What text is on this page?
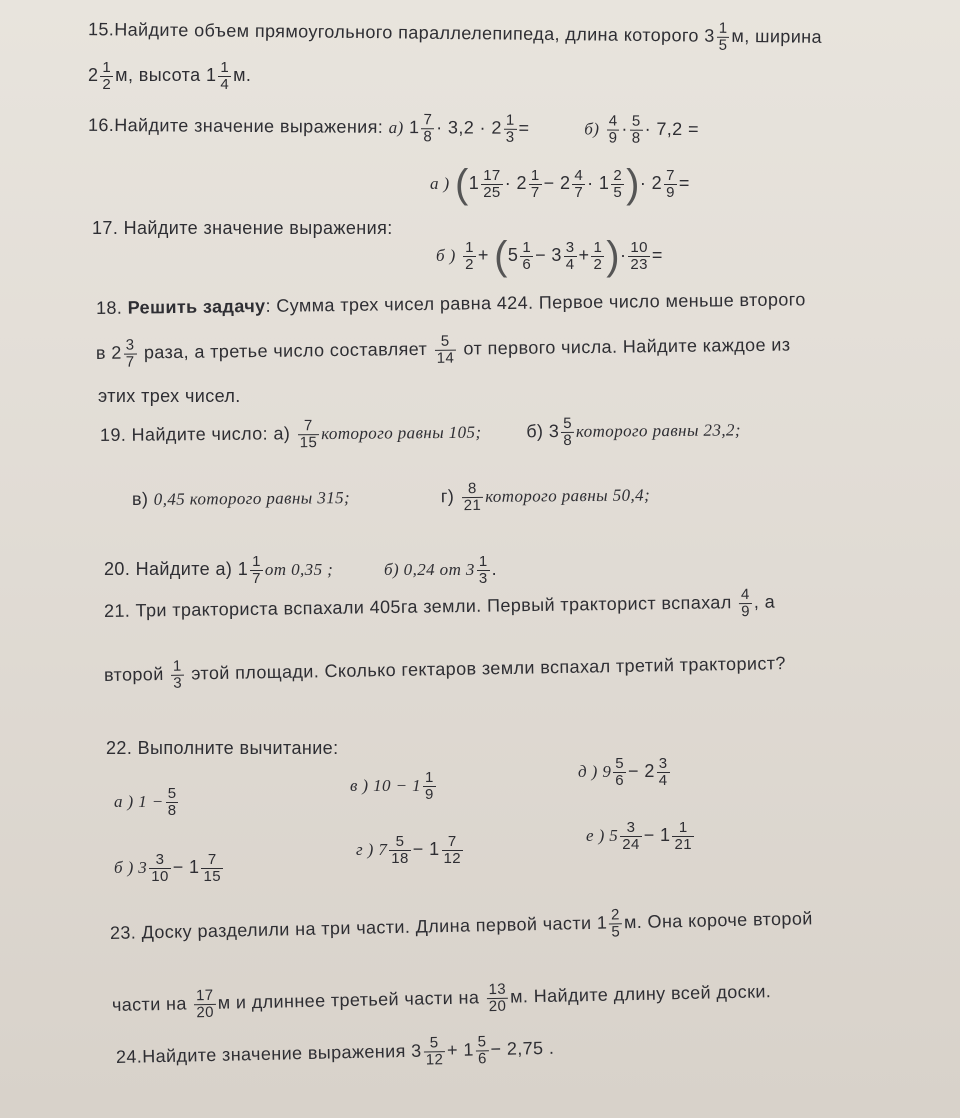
15.Найдите объем прямоугольного параллелепипеда, длина которого $3 \frac{1}{5} м$, ширина
$2 \frac{1}{2} м$, высота $1 \frac{1}{4} м$.
16.Найдите значение выражения: а) $1 \frac{7}{8} \cdot 3,2 \cdot 2 \frac{1}{3}$ =	$б) \frac{4}{9} \cdot \frac{5}{8} \cdot 7,2$ =
а ) ($1 \frac{17}{25} \cdot 2 \frac{1}{7} - 2 \frac{4}{7} \cdot 1 \frac{2}{5}$ )· $2 \frac{7}{9}$ =
17. Найдите значение выражения:
б ) $\frac{1}{2} + (5 \frac{1}{6} - 3 \frac{3}{4} + \frac{1}{2}$ )· $\frac{10}{23}$ =
18. Решить задачу: Сумма трех чисел равна 424. Первое число меньше второго
в $2 \frac{3}{7}$ раза, а третье число составляет $\frac{5}{14}$ от первого числа. Найдите каждое из
этих трех чисел.
19. Найдите число: $а) \frac{7}{15}$ которого равны 105; б) $3 \frac{5}{8}$ которого равны 23,2;
в) 0,45 которого равны 315;	$г) \frac{8}{21}$ которого равны 50,4;
20. Найдите а) $1 \frac{1}{7}$ от 0,35 ;	б) 0,24 от $3 \frac{1}{3}$ .
21. Три тракториста вспахали 405га земли. Первый тракторист вспахал $\frac{4}{9}$ , а
второй $\frac{1}{3}$ этой площади. Сколько гектаров земли вспахал третий тракторист?
22. Выполните вычитание:
а ) $1 - \frac{5}{8}$
в ) $10 - 1 \frac{1}{9}$	д ) $9 \frac{5}{6} - 2 \frac{3}{4}$
б ) $3 \frac{3}{10} - 1 \frac{7}{15}$
г ) $7 \frac{5}{18} - 1 \frac{7}{12}$	е ) $5 \frac{3}{24} - 1 \frac{1}{21}$
23. Доску разделили на три части. Длина первой части $1 \frac{2}{5} м$. Она короче второй
части на $\frac{17}{20}$ м и длиннее третьей части на $\frac{13}{20} м$. Найдите длину всей доски.
24.Найдите значение выражения $3 \frac{5}{12} + 1 \frac{5}{6} - 2,75$ .
